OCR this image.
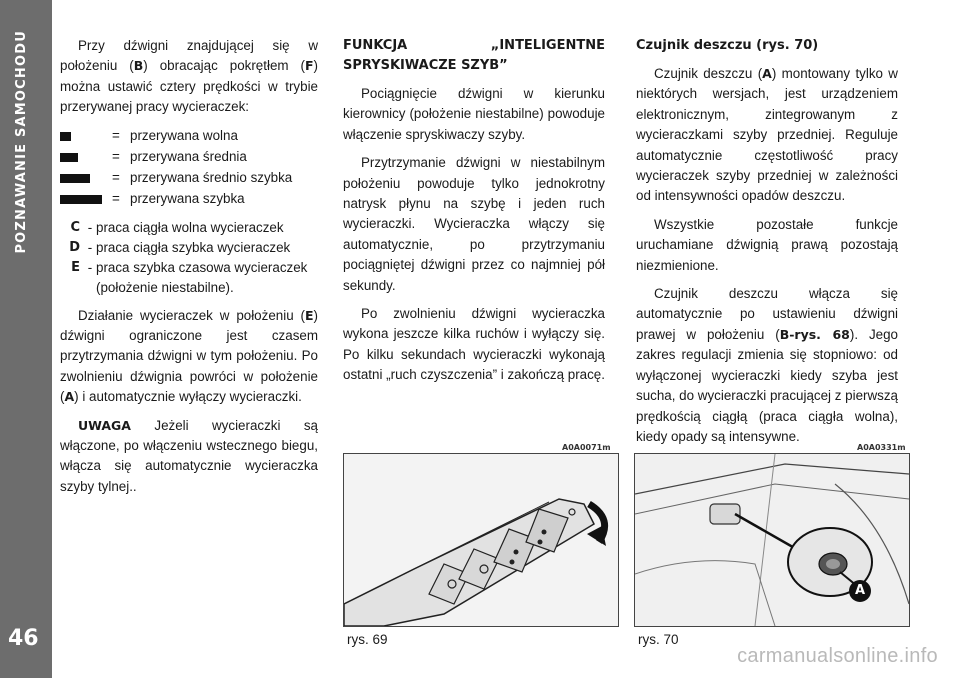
POZNAWANIE SAMOCHODU
46

Przy dźwigni znajdującej się w położeniu (B) obracając pokrętłem (F) można ustawić cztery prędkości w trybie przerywanej pracy wycieraczek:

= przerywana wolna
= przerywana średnia
= przerywana średnio szybka
= przerywana szybka
C - praca ciągła wolna wycieraczek
D - praca ciągła szybka wycieraczek
E - praca szybka czasowa wycieraczek (położenie niestabilne).

Działanie wycieraczek w położeniu (E) dźwigni ograniczone jest czasem przytrzymania dźwigni w tym położeniu. Po zwolnieniu dźwignia powróci w położenie (A) i automatycznie wyłączy wycieraczki.

UWAGA Jeżeli wycieraczki są włączone, po włączeniu wstecznego biegu, włącza się automatycznie wycieraczka szyby tylnej..

FUNKCJA „INTELIGENTNE SPRYSKIWACZE SZYB”

Pociągnięcie dźwigni w kierunku kierownicy (położenie niestabilne) powoduje włączenie spryskiwaczy szyby.

Przytrzymanie dźwigni w niestabilnym położeniu powoduje tylko jednokrotny natrysk płynu na szybę i jeden ruch wycieraczki. Wycieraczka włączy się automatycznie, po przytrzymaniu pociągniętej dźwigni przez co najmniej pół sekundy.

Po zwolnieniu dźwigni wycieraczka wykona jeszcze kilka ruchów i wyłączy się. Po kilku sekundach wycieraczki wykonają ostatni „ruch czyszczenia” i zakończą pracę.

Czujnik deszczu (rys. 70)

Czujnik deszczu (A) montowany tylko w niektórych wersjach, jest urządzeniem elektronicznym, zintegrowanym z wycieraczkami szyby przedniej. Reguluje automatycznie częstotliwość pracy wycieraczek szyby przedniej w zależności od intensywności opadów deszczu.

Wszystkie pozostałe funkcje uruchamiane dźwignią prawą pozostają niezmienione.

Czujnik deszczu włącza się automatycznie po ustawieniu dźwigni prawej w położeniu (B-rys. 68). Jego zakres regulacji zmienia się stopniowo: od wyłączonej wycieraczki kiedy szyba jest sucha, do wycieraczki pracującej z pierwszą prędkością ciągłą (praca ciągła wolna), kiedy opady są intensywne.

A0A0071m
rys. 69
A0A0331m
A
rys. 70
carmanualsonline.info
